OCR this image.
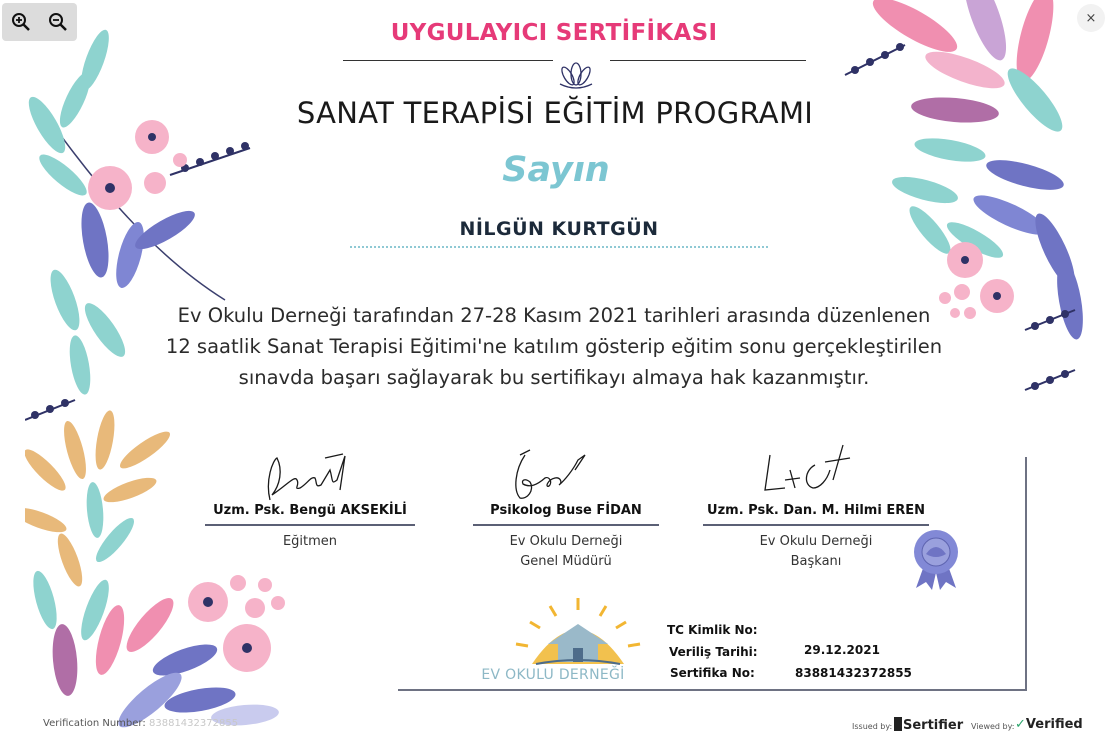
UYGULAYICI SERTİFİKASI
SANAT TERAPİSİ EĞİTİM PROGRAMI
Sayın
NİLGÜN KURTGÜN
Ev Okulu Derneği tarafından 27-28 Kasım 2021 tarihleri arasında düzenlenen
12 saatlik Sanat Terapisi Eğitimi'ne katılım gösterip eğitim sonu gerçekleştirilen
sınavda başarı sağlayarak bu sertifikayı almaya hak kazanmıştır.
Uzm. Psk. Bengü AKSEKİLİ
Eğitmen
Psikolog Buse FİDAN
Ev Okulu Derneği
Genel Müdürü
Uzm. Psk. Dan. M. Hilmi EREN
Ev Okulu Derneği
Başkanı
TC Kimlik No:
Veriliş Tarihi:	29.12.2021
Sertifika No:	83881432372855
EV OKULU DERNEĞİ
Verification Number: 83881432372855	Issued by: Sertifier Viewed by: ✓Verified
×
